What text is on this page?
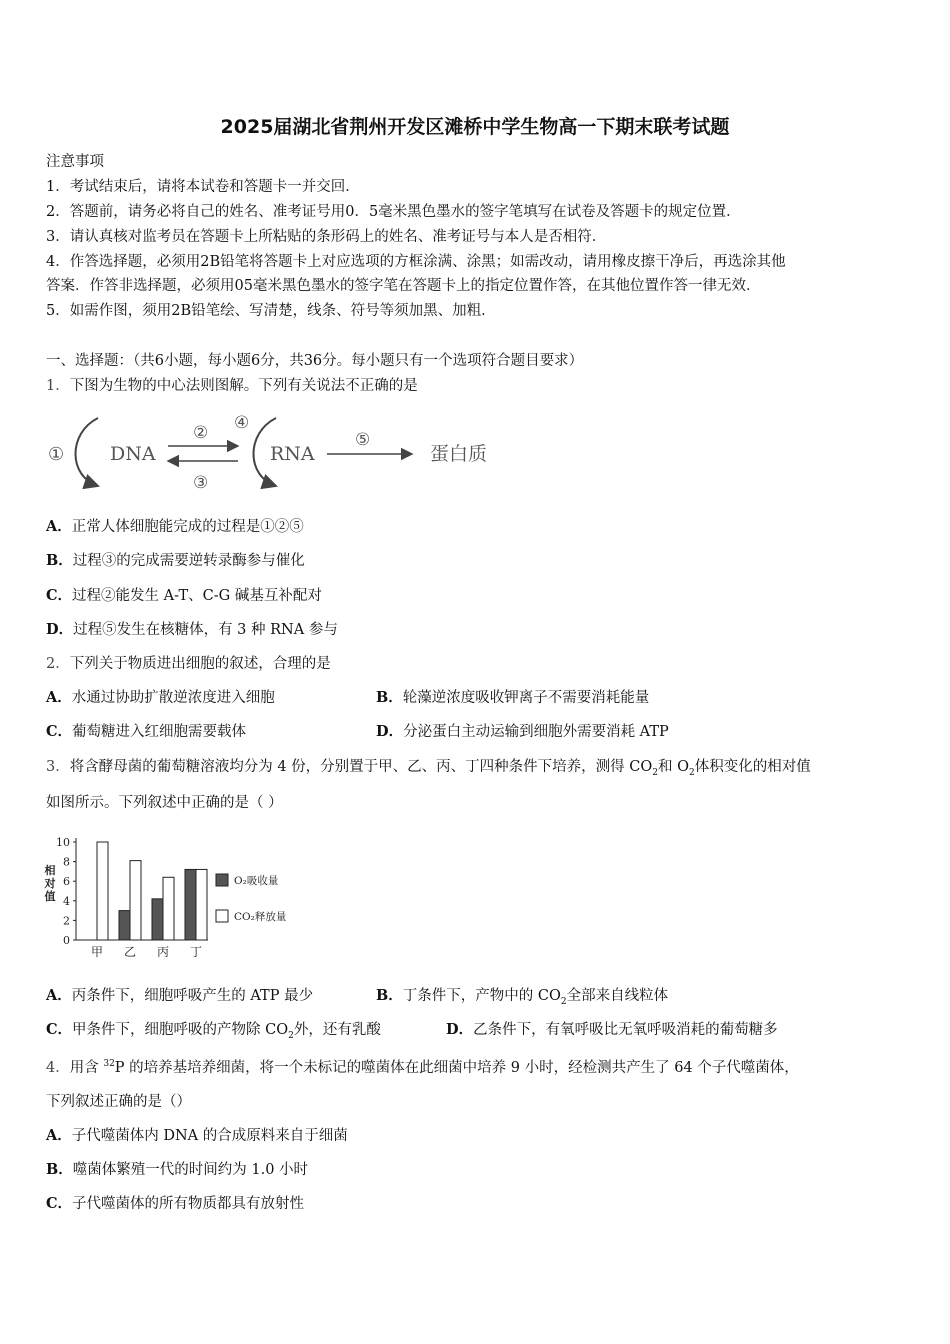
2025届湖北省荆州开发区滩桥中学生物高一下期末联考试题
注意事项
1．考试结束后，请将本试卷和答题卡一并交回．
2．答题前，请务必将自己的姓名、准考证号用0．5毫米黑色墨水的签字笔填写在试卷及答题卡的规定位置．
3．请认真核对监考员在答题卡上所粘贴的条形码上的姓名、准考证号与本人是否相符．
4．作答选择题，必须用2B铅笔将答题卡上对应选项的方框涂满、涂黑；如需改动，请用橡皮擦干净后，再选涂其他
答案．作答非选择题，必须用05毫米黑色墨水的签字笔在答题卡上的指定位置作答，在其他位置作答一律无效．
5．如需作图，须用2B铅笔绘、写清楚，线条、符号等须加黑、加粗．
一、选择题：（共6小题，每小题6分，共36分。每小题只有一个选项符合题目要求）
1．下图为生物的中心法则图解。下列有关说法不正确的是
① DNA
②
③
④
RNA
⑤
蛋白质
A．正常人体细胞能完成的过程是①②⑤
B．过程③的完成需要逆转录酶参与催化
C．过程②能发生 A-T、C-G 碱基互补配对
D．过程⑤发生在核糖体，有 3 种 RNA 参与
2．下列关于物质进出细胞的叙述，合理的是
A．水通过协助扩散逆浓度进入细胞	B．轮藻逆浓度吸收钾离子不需要消耗能量
C．葡萄糖进入红细胞需要载体	D．分泌蛋白主动运输到细胞外需要消耗 ATP
3．将含酵母菌的葡萄糖溶液均分为 4 份，分别置于甲、乙、丙、丁四种条件下培养，测得 $CO_2$和 $O_2$体积变化的相对值
如图所示。下列叙述中正确的是（ ）
0
2
4
6
8
10
相
对
值
甲 乙 丙 丁
O₂吸收量
CO₂释放量
A．丙条件下，细胞呼吸产生的 ATP 最少	B．丁条件下，产物中的 $CO_2$全部来自线粒体
C．甲条件下，细胞呼吸的产物除 $CO_2$外，还有乳酸	D．乙条件下，有氧呼吸比无氧呼吸消耗的葡萄糖多
4．用含 $^{32}$P 的培养基培养细菌，将一个未标记的噬菌体在此细菌中培养 9 小时，经检测共产生了 64 个子代噬菌体，
下列叙述正确的是（）
A．子代噬菌体内 DNA 的合成原料来自于细菌
B．噬菌体繁殖一代的时间约为 1.0 小时
C．子代噬菌体的所有物质都具有放射性
